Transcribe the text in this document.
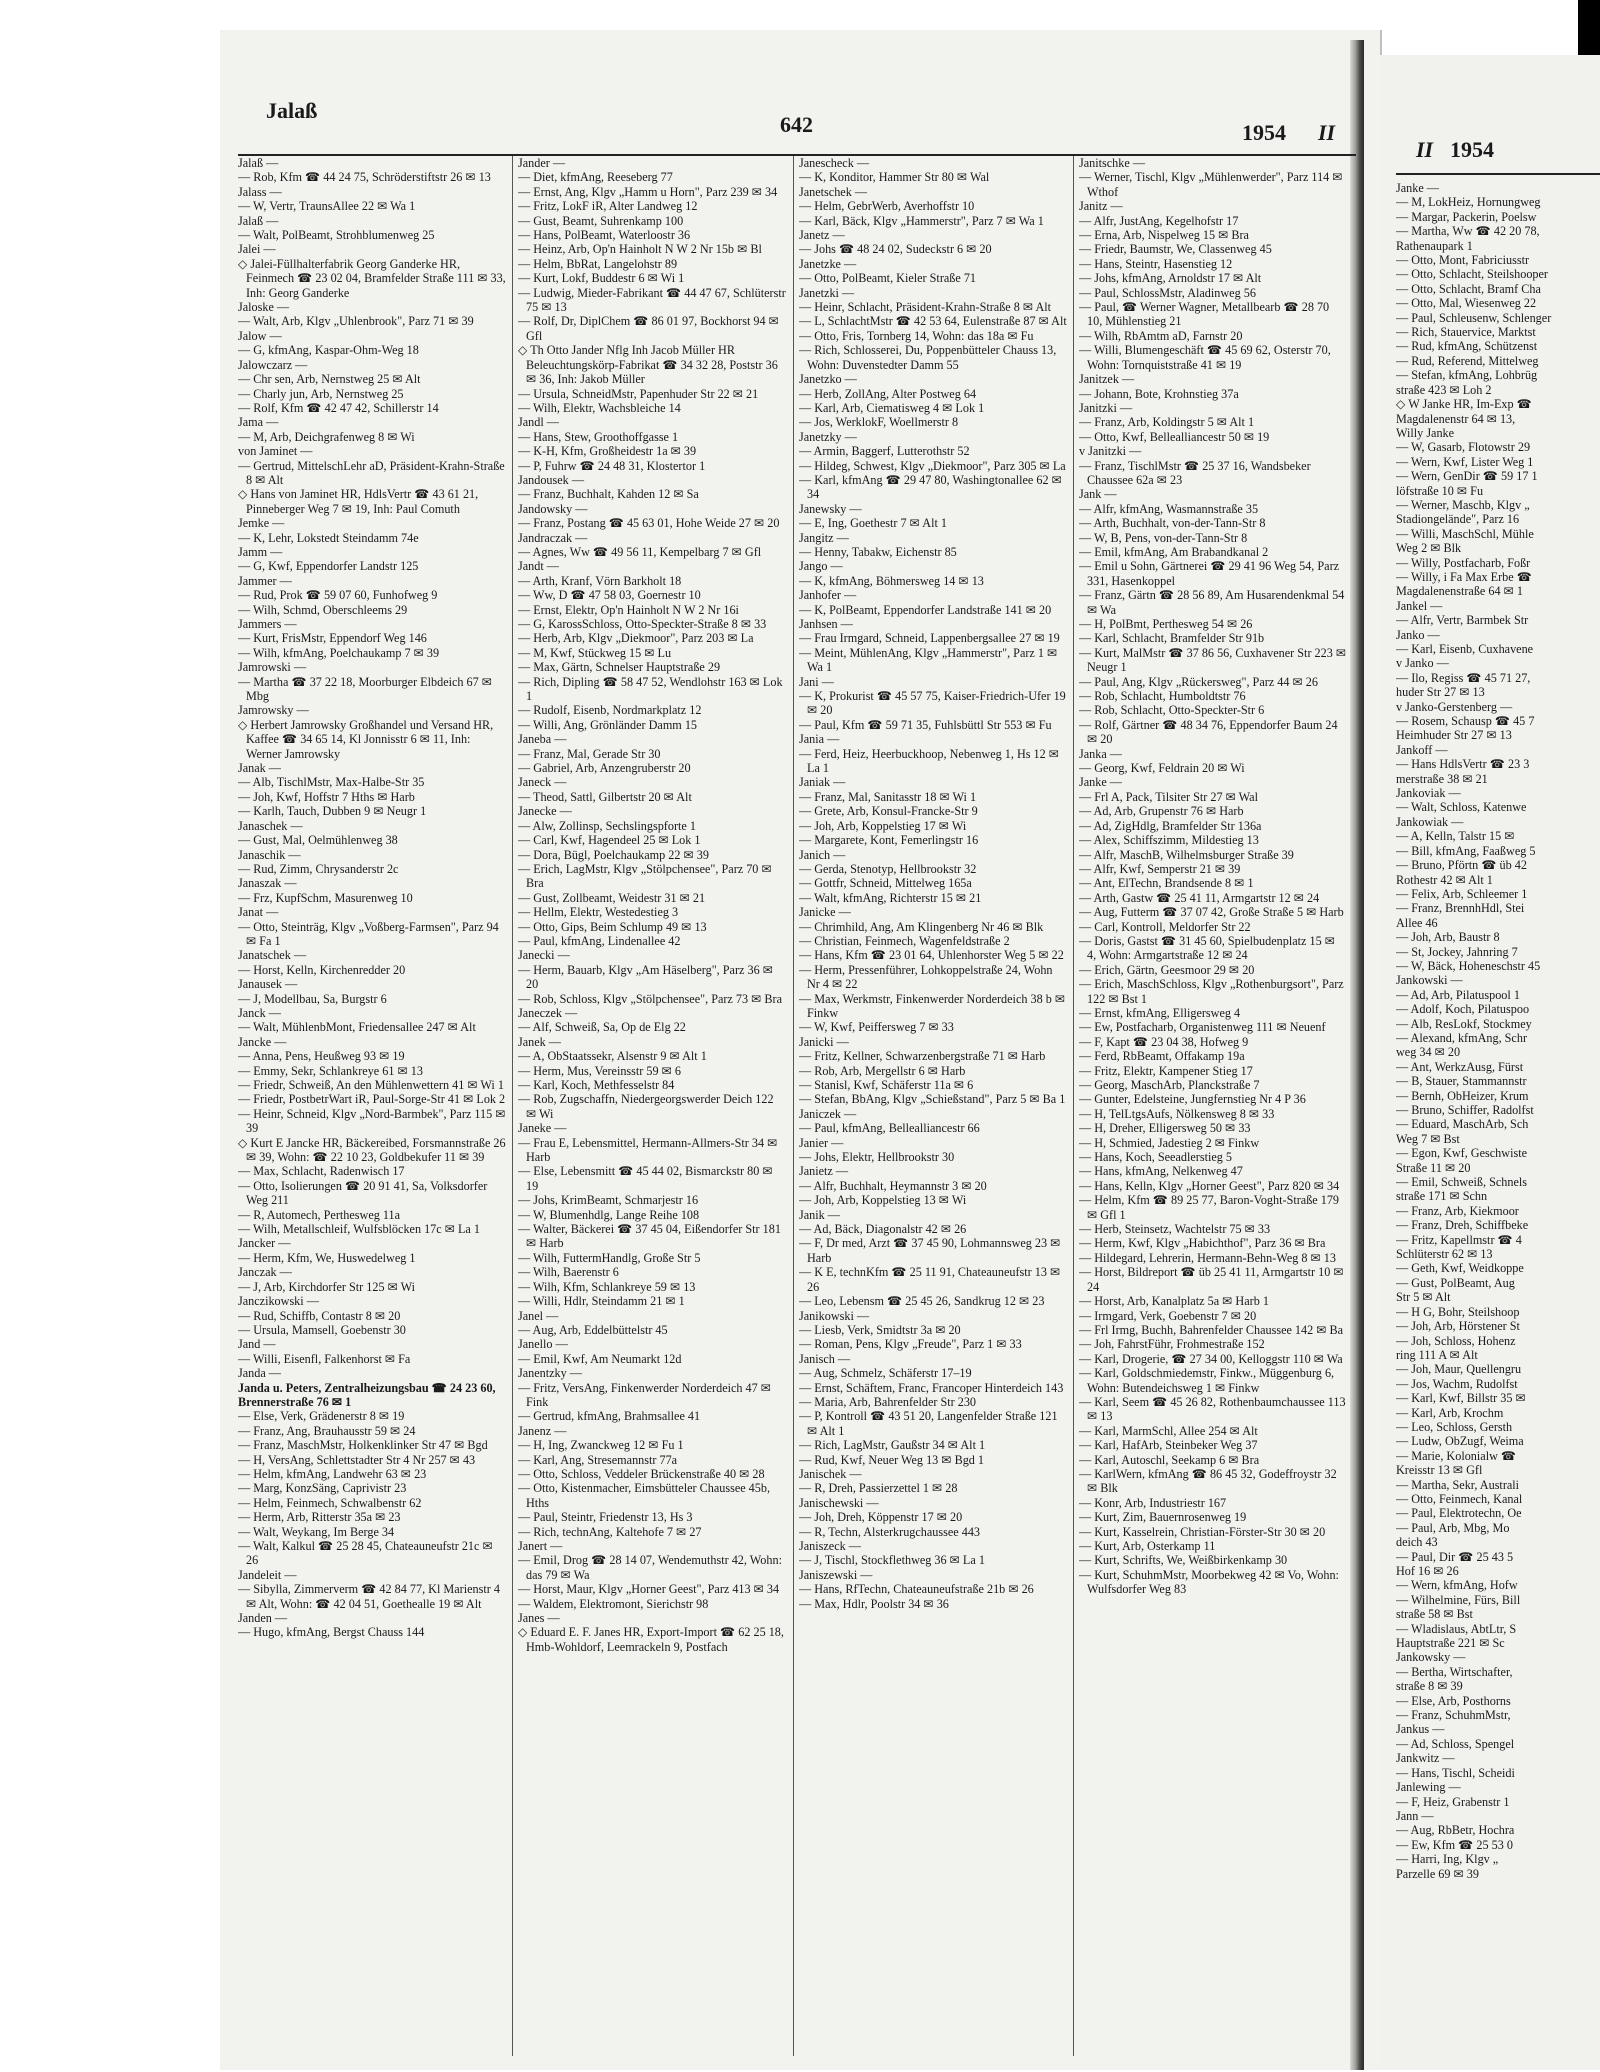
Jalaß
642	1954 II
Jalaß —
— Rob, Kfm ☎ 44 24 75, Schröderstiftstr 26 ✉ 13
Jalass —
— W, Vertr, TraunsAllee 22 ✉ Wa 1
Jalaß —
— Walt, PolBeamt, Strohblumenweg 25
Jalei —
◇ Jalei-Füllhalterfabrik Georg Ganderke HR, Feinmech ☎ 23 02 04, Bramfelder Straße 111 ✉ 33, Inh: Georg Ganderke
Jaloske —
— Walt, Arb, Klgv „Uhlenbrook", Parz 71 ✉ 39
Jalow —
— G, kfmAng, Kaspar-Ohm-Weg 18
Jalowczarz —
— Chr sen, Arb, Nernstweg 25 ✉ Alt
— Charly jun, Arb, Nernstweg 25
— Rolf, Kfm ☎ 42 47 42, Schillerstr 14
Jama —
— M, Arb, Deichgrafenweg 8 ✉ Wi
von Jaminet —
— Gertrud, MittelschLehr aD, Präsident-Krahn-Straße 8 ✉ Alt
◇ Hans von Jaminet HR, HdlsVertr ☎ 43 61 21, Pinneberger Weg 7 ✉ 19, Inh: Paul Comuth
Jemke —
— K, Lehr, Lokstedt Steindamm 74e
Jamm —
— G, Kwf, Eppendorfer Landstr 125
Jammer —
— Rud, Prok ☎ 59 07 60, Funhofweg 9
— Wilh, Schmd, Oberschleems 29
Jammers —
— Kurt, FrisMstr, Eppendorf Weg 146
— Wilh, kfmAng, Poelchaukamp 7 ✉ 39
Jamrowski —
— Martha ☎ 37 22 18, Moorburger Elbdeich 67 ✉ Mbg
Jamrowsky —
◇ Herbert Jamrowsky Großhandel und Versand HR, Kaffee ☎ 34 65 14, Kl Jonnisstr 6 ✉ 11, Inh: Werner Jamrowsky
Janak —
— Alb, TischlMstr, Max-Halbe-Str 35
— Joh, Kwf, Hoffstr 7 Hths ✉ Harb
— Karlh, Tauch, Dubben 9 ✉ Neugr 1
Janaschek —
— Gust, Mal, Oelmühlenweg 38
Janaschik —
— Rud, Zimm, Chrysanderstr 2c
Janaszak —
— Frz, KupfSchm, Masurenweg 10
Janat —
— Otto, Steinträg, Klgv „Voßberg-Farmsen", Parz 94 ✉ Fa 1
Janatschek —
— Horst, Kelln, Kirchenredder 20
Janausek —
— J, Modellbau, Sa, Burgstr 6
Janck —
— Walt, MühlenbMont, Friedensallee 247 ✉ Alt
Jancke —
— Anna, Pens, Heußweg 93 ✉ 19
— Emmy, Sekr, Schlankreye 61 ✉ 13
— Friedr, Schweiß, An den Mühlenwettern 41 ✉ Wi 1
— Friedr, PostbetrWart iR, Paul-Sorge-Str 41 ✉ Lok 2
— Heinr, Schneid, Klgv „Nord-Barmbek", Parz 115 ✉ 39
◇ Kurt E Jancke HR, Bäckereibed, Forsmannstraße 26 ✉ 39, Wohn: ☎ 22 10 23, Goldbekufer 11 ✉ 39
— Max, Schlacht, Radenwisch 17
— Otto, Isolierungen ☎ 20 91 41, Sa, Volksdorfer Weg 211
— R, Automech, Perthesweg 11a
— Wilh, Metallschleif, Wulfsblöcken 17c ✉ La 1
Jancker —
— Herm, Kfm, We, Huswedelweg 1
Janczak —
— J, Arb, Kirchdorfer Str 125 ✉ Wi
Janczikowski —
— Rud, Schiffb, Contastr 8 ✉ 20
— Ursula, Mamsell, Goebenstr 30
Jand —
— Willi, Eisenfl, Falkenhorst ✉ Fa
Janda —
Janda u. Peters, Zentralheizungsbau ☎ 24 23 60, Brennerstraße 76 ✉ 1
— Else, Verk, Grädenerstr 8 ✉ 19
— Franz, Ang, Brauhausstr 59 ✉ 24
— Franz, MaschMstr, Holkenklinker Str 47 ✉ Bgd
— H, VersAng, Schlettstadter Str 4 Nr 257 ✉ 43
— Helm, kfmAng, Landwehr 63 ✉ 23
— Marg, KonzSäng, Caprivistr 23
— Helm, Feinmech, Schwalbenstr 62
— Herm, Arb, Ritterstr 35a ✉ 23
— Walt, Weykang, Im Berge 34
— Walt, Kalkul ☎ 25 28 45, Chateauneufstr 21c ✉ 26
Jandeleit —
— Sibylla, Zimmerverm ☎ 42 84 77, Kl Marienstr 4 ✉ Alt, Wohn: ☎ 42 04 51, Goethealle 19 ✉ Alt
Janden —
— Hugo, kfmAng, Bergst Chauss 144
Jander —
— Diet, kfmAng, Reeseberg 77
— Ernst, Ang, Klgv „Hamm u Horn", Parz 239 ✉ 34
— Fritz, LokF iR, Alter Landweg 12
— Gust, Beamt, Suhrenkamp 100
— Hans, PolBeamt, Waterloostr 36
— Heinz, Arb, Op'n Hainholt N W 2 Nr 15b ✉ Bl
— Helm, BbRat, Langelohstr 89
— Kurt, Lokf, Buddestr 6 ✉ Wi 1
— Ludwig, Mieder-Fabrikant ☎ 44 47 67, Schlüterstr 75 ✉ 13
— Rolf, Dr, DiplChem ☎ 86 01 97, Bockhorst 94 ✉ Gfl
◇ Th Otto Jander Nflg Inh Jacob Müller HR Beleuchtungskörp-Fabrikat ☎ 34 32 28, Poststr 36 ✉ 36, Inh: Jakob Müller
— Ursula, SchneidMstr, Papenhuder Str 22 ✉ 21
— Wilh, Elektr, Wachsbleiche 14
Jandl —
— Hans, Stew, Groothoffgasse 1
— K-H, Kfm, Großheidestr 1a ✉ 39
— P, Fuhrw ☎ 24 48 31, Klostertor 1
Jandousek —
— Franz, Buchhalt, Kahden 12 ✉ Sa
Jandowsky —
— Franz, Postang ☎ 45 63 01, Hohe Weide 27 ✉ 20
Jandraczak —
— Agnes, Ww ☎ 49 56 11, Kempelbarg 7 ✉ Gfl
Jandt —
— Arth, Kranf, Vörn Barkholt 18
— Ww, D ☎ 47 58 03, Goernestr 10
— Ernst, Elektr, Op'n Hainholt N W 2 Nr 16i
— G, KarossSchloss, Otto-Speckter-Straße 8 ✉ 33
— Herb, Arb, Klgv „Diekmoor", Parz 203 ✉ La
— M, Kwf, Stückweg 15 ✉ Lu
— Max, Gärtn, Schnelser Hauptstraße 29
— Rich, Dipling ☎ 58 47 52, Wendlohstr 163 ✉ Lok 1
— Rudolf, Eisenb, Nordmarkplatz 12
— Willi, Ang, Grönländer Damm 15
Janeba —
— Franz, Mal, Gerade Str 30
— Gabriel, Arb, Anzengruberstr 20
Janeck —
— Theod, Sattl, Gilbertstr 20 ✉ Alt
Janecke —
— Alw, Zollinsp, Sechslingspforte 1
— Carl, Kwf, Hagendeel 25 ✉ Lok 1
— Dora, Bügl, Poelchaukamp 22 ✉ 39
— Erich, LagMstr, Klgv „Stölpchensee", Parz 70 ✉ Bra
— Gust, Zollbeamt, Weidestr 31 ✉ 21
— Hellm, Elektr, Westedestieg 3
— Otto, Gips, Beim Schlump 49 ✉ 13
— Paul, kfmAng, Lindenallee 42
Janecki —
— Herm, Bauarb, Klgv „Am Häselberg", Parz 36 ✉ 20
— Rob, Schloss, Klgv „Stölpchensee", Parz 73 ✉ Bra
Janeczek —
— Alf, Schweiß, Sa, Op de Elg 22
Janek —
— A, ObStaatssekr, Alsenstr 9 ✉ Alt 1
— Herm, Mus, Vereinsstr 59 ✉ 6
— Karl, Koch, Methfesselstr 84
— Rob, Zugschaffn, Niedergeorgswerder Deich 122 ✉ Wi
Janeke —
— Frau E, Lebensmittel, Hermann-Allmers-Str 34 ✉ Harb
— Else, Lebensmitt ☎ 45 44 02, Bismarckstr 80 ✉ 19
— Johs, KrimBeamt, Schmarjestr 16
— W, Blumenhdlg, Lange Reihe 108
— Walter, Bäckerei ☎ 37 45 04, Eißendorfer Str 181 ✉ Harb
— Wilh, FuttermHandlg, Große Str 5
— Wilh, Baerenstr 6
— Wilh, Kfm, Schlankreye 59 ✉ 13
— Willi, Hdlr, Steindamm 21 ✉ 1
Janel —
— Aug, Arb, Eddelbüttelstr 45
Janello —
— Emil, Kwf, Am Neumarkt 12d
Janentzky —
— Fritz, VersAng, Finkenwerder Norderdeich 47 ✉ Fink
— Gertrud, kfmAng, Brahmsallee 41
Janenz —
— H, Ing, Zwanckweg 12 ✉ Fu 1
— Karl, Ang, Stresemannstr 77a
— Otto, Schloss, Veddeler Brückenstraße 40 ✉ 28
— Otto, Kistenmacher, Eimsbütteler Chaussee 45b, Hths
— Paul, Steintr, Friedenstr 13, Hs 3
— Rich, technAng, Kaltehofe 7 ✉ 27
Janert —
— Emil, Drog ☎ 28 14 07, Wendemuthstr 42, Wohn: das 79 ✉ Wa
— Horst, Maur, Klgv „Horner Geest", Parz 413 ✉ 34
— Waldem, Elektromont, Sierichstr 98
Janes —
◇ Eduard E. F. Janes HR, Export-Import ☎ 62 25 18, Hmb-Wohldorf, Leemrackeln 9, Postfach
Janescheck —
— K, Konditor, Hammer Str 80 ✉ Wal
Janetschek —
— Helm, GebrWerb, Averhoffstr 10
— Karl, Bäck, Klgv „Hammerstr", Parz 7 ✉ Wa 1
Janetz —
— Johs ☎ 48 24 02, Sudeckstr 6 ✉ 20
Janetzke —
— Otto, PolBeamt, Kieler Straße 71
Janetzki —
— Heinr, Schlacht, Präsident-Krahn-Straße 8 ✉ Alt
— L, SchlachtMstr ☎ 42 53 64, Eulenstraße 87 ✉ Alt
— Otto, Fris, Tornberg 14, Wohn: das 18a ✉ Fu
— Rich, Schlosserei, Du, Poppenbütteler Chauss 13, Wohn: Duvenstedter Damm 55
Janetzko —
— Herb, ZollAng, Alter Postweg 64
— Karl, Arb, Ciematisweg 4 ✉ Lok 1
— Jos, WerklokF, Woellmerstr 8
Janetzky —
— Armin, Baggerf, Lutterothstr 52
— Hildeg, Schwest, Klgv „Diekmoor", Parz 305 ✉ La
— Karl, kfmAng ☎ 29 47 80, Washingtonallee 62 ✉ 34
Janewsky —
— E, Ing, Goethestr 7 ✉ Alt 1
Jangitz —
— Henny, Tabakw, Eichenstr 85
Jango —
— K, kfmAng, Böhmersweg 14 ✉ 13
Janhofer —
— K, PolBeamt, Eppendorfer Landstraße 141 ✉ 20
Janhsen —
— Frau Irmgard, Schneid, Lappenbergsallee 27 ✉ 19
— Meint, MühlenAng, Klgv „Hammerstr", Parz 1 ✉ Wa 1
Jani —
— K, Prokurist ☎ 45 57 75, Kaiser-Friedrich-Ufer 19 ✉ 20
— Paul, Kfm ☎ 59 71 35, Fuhlsbüttl Str 553 ✉ Fu
Jania —
— Ferd, Heiz, Heerbuckhoop, Nebenweg 1, Hs 12 ✉ La 1
Janiak —
— Franz, Mal, Sanitasstr 18 ✉ Wi 1
— Grete, Arb, Konsul-Francke-Str 9
— Joh, Arb, Koppelstieg 17 ✉ Wi
— Margarete, Kont, Femerlingstr 16
Janich —
— Gerda, Stenotyp, Hellbrookstr 32
— Gottfr, Schneid, Mittelweg 165a
— Walt, kfmAng, Richterstr 15 ✉ 21
Janicke —
— Chrimhild, Ang, Am Klingenberg Nr 46 ✉ Blk
— Christian, Feinmech, Wagenfeldstraße 2
— Hans, Kfm ☎ 23 01 64, Uhlenhorster Weg 5 ✉ 22
— Herm, Pressenführer, Lohkoppelstraße 24, Wohn Nr 4 ✉ 22
— Max, Werkmstr, Finkenwerder Norderdeich 38 b ✉ Finkw
— W, Kwf, Peiffersweg 7 ✉ 33
Janicki —
— Fritz, Kellner, Schwarzenbergstraße 71 ✉ Harb
— Rob, Arb, Mergellstr 6 ✉ Harb
— Stanisl, Kwf, Schäferstr 11a ✉ 6
— Stefan, BbAng, Klgv „Schießstand", Parz 5 ✉ Ba 1
Janiczek —
— Paul, kfmAng, Belleallianсestr 66
Janier —
— Johs, Elektr, Hellbrookstr 30
Janietz —
— Alfr, Buchhalt, Heymannstr 3 ✉ 20
— Joh, Arb, Koppelstieg 13 ✉ Wi
Janik —
— Ad, Bäck, Diagonalstr 42 ✉ 26
— F, Dr med, Arzt ☎ 37 45 90, Lohmannsweg 23 ✉ Harb
— K E, technKfm ☎ 25 11 91, Chateauneufstr 13 ✉ 26
— Leo, Lebensm ☎ 25 45 26, Sandkrug 12 ✉ 23
Janikowski —
— Liesb, Verk, Smidtstr 3a ✉ 20
— Roman, Pens, Klgv „Freude", Parz 1 ✉ 33
Janisch —
— Aug, Schmelz, Schäferstr 17–19
— Ernst, Schäftem, Franc, Francoper Hinterdeich 143
— Maria, Arb, Bahrenfelder Str 230
— P, Kontroll ☎ 43 51 20, Langenfelder Straße 121 ✉ Alt 1
— Rich, LagMstr, Gaußstr 34 ✉ Alt 1
— Rud, Kwf, Neuer Weg 13 ✉ Bgd 1
Janischek —
— R, Dreh, Passierzettel 1 ✉ 28
Janischewski —
— Joh, Dreh, Köppenstr 17 ✉ 20
— R, Techn, Alsterkrugchaussee 443
Janiszeck —
— J, Tischl, Stockflethweg 36 ✉ La 1
Janiszewski —
— Hans, RfTechn, Chateauneufstraße 21b ✉ 26
— Max, Hdlr, Poolstr 34 ✉ 36
Janitschke —
— Werner, Tischl, Klgv „Mühlenwerder", Parz 114 ✉ Wthof
Janitz —
— Alfr, JustAng, Kegelhofstr 17
— Erna, Arb, Nispelweg 15 ✉ Bra
— Friedr, Baumstr, We, Classenweg 45
— Hans, Steintr, Hasenstieg 12
— Johs, kfmAng, Arnoldstr 17 ✉ Alt
— Paul, SchlossMstr, Aladinweg 56
— Paul, ☎ Werner Wagner, Metallbearb ☎ 28 70 10, Mühlenstieg 21
— Wilh, RbAmtm aD, Farnstr 20
— Willi, Blumengeschäft ☎ 45 69 62, Osterstr 70, Wohn: Tornquiststraße 41 ✉ 19
Janitzek —
— Johann, Bote, Krohnstieg 37a
Janitzki —
— Franz, Arb, Koldingstr 5 ✉ Alt 1
— Otto, Kwf, Belleallianсestr 50 ✉ 19
v Janitzki —
— Franz, TischlMstr ☎ 25 37 16, Wandsbeker Chaussee 62a ✉ 23
Jank —
— Alfr, kfmAng, Wasmannstraße 35
— Arth, Buchhalt, von-der-Tann-Str 8
— W, B, Pens, von-der-Tann-Str 8
— Emil, kfmAng, Am Brabandkanal 2
— Emil u Sohn, Gärtnerei ☎ 29 41 96 Weg 54, Parz 331, Hasenkoppel
— Franz, Gärtn ☎ 28 56 89, Am Husarendenkmal 54 ✉ Wa
— H, PolBmt, Perthesweg 54 ✉ 26
— Karl, Schlacht, Bramfelder Str 91b
— Kurt, MalMstr ☎ 37 86 56, Cuxhavener Str 223 ✉ Neugr 1
— Paul, Ang, Klgv „Rückersweg", Parz 44 ✉ 26
— Rob, Schlacht, Humboldtstr 76
— Rob, Schlacht, Otto-Speckter-Str 6
— Rolf, Gärtner ☎ 48 34 76, Eppendorfer Baum 24 ✉ 20
Janka —
— Georg, Kwf, Feldrain 20 ✉ Wi
Janke —
— Frl A, Pack, Tilsiter Str 27 ✉ Wal
— Ad, Arb, Grupenstr 76 ✉ Harb
— Ad, ZigHdlg, Bramfelder Str 136a
— Alex, Schiffszimm, Mildestieg 13
— Alfr, MaschB, Wilhelmsburger Straße 39
— Alfr, Kwf, Semperstr 21 ✉ 39
— Ant, ElTechn, Brandsende 8 ✉ 1
— Arth, Gastw ☎ 25 41 11, Armgartstr 12 ✉ 24
— Aug, Futterm ☎ 37 07 42, Große Straße 5 ✉ Harb
— Carl, Kontroll, Meldorfer Str 22
— Doris, Gastst ☎ 31 45 60, Spielbudenplatz 15 ✉ 4, Wohn: Armgartstraße 12 ✉ 24
— Erich, Gärtn, Geesmoor 29 ✉ 20
— Erich, MaschSchloss, Klgv „Rothenburgsort", Parz 122 ✉ Bst 1
— Ernst, kfmAng, Elligersweg 4
— Ew, Postfacharb, Organistenweg 111 ✉ Neuenf
— F, Kapt ☎ 23 04 38, Hofweg 9
— Ferd, RbBeamt, Offakamp 19a
— Fritz, Elektr, Kampener Stieg 17
— Georg, MaschArb, Planckstraße 7
— Gunter, Edelsteine, Jungfernstieg Nr 4 P 36
— H, TelLtgsAufs, Nölkensweg 8 ✉ 33
— H, Dreher, Elligersweg 50 ✉ 33
— H, Schmied, Jadestieg 2 ✉ Finkw
— Hans, Koch, Seeadlerstieg 5
— Hans, kfmAng, Nelkenweg 47
— Hans, Kelln, Klgv „Horner Geest", Parz 820 ✉ 34
— Helm, Kfm ☎ 89 25 77, Baron-Voght-Straße 179 ✉ Gfl 1
— Herb, Steinsetz, Wachtelstr 75 ✉ 33
— Herm, Kwf, Klgv „Habichthof", Parz 36 ✉ Bra
— Hildegard, Lehrerin, Hermann-Behn-Weg 8 ✉ 13
— Horst, Bildreport ☎ üb 25 41 11, Armgartstr 10 ✉ 24
— Horst, Arb, Kanalplatz 5a ✉ Harb 1
— Irmgard, Verk, Goebenstr 7 ✉ 20
— Frl Irmg, Buchh, Bahrenfelder Chaussee 142 ✉ Ba
— Joh, FahrstFühr, Frohmestraße 152
— Karl, Drogerie, ☎ 27 34 00, Kelloggstr 110 ✉ Wa
— Karl, Goldschmiedemstr, Finkw., Müggenburg 6, Wohn: Butendeichsweg 1 ✉ Finkw
— Karl, Seem ☎ 45 26 82, Rothenbaumchaussee 113 ✉ 13
— Karl, MarmSchl, Allee 254 ✉ Alt
— Karl, HafArb, Steinbeker Weg 37
— Karl, Autoschl, Seekamp 6 ✉ Bra
— KarlWern, kfmAng ☎ 86 45 32, Godeffroystr 32 ✉ Blk
— Konr, Arb, Industriestr 167
— Kurt, Zim, Bauernrosenweg 19
— Kurt, Kasselrein, Christian-Förster-Str 30 ✉ 20
— Kurt, Arb, Osterkamp 11
— Kurt, Schrifts, We, Weißbirkenkamp 30
— Kurt, SchuhmMstr, Moorbekweg 42 ✉ Vo, Wohn: Wulfsdorfer Weg 83
II 1954
Janke —
— M, LokHeiz, Hornungweg
— Margar, Packerin, Poelsw
— Martha, Ww ☎ 42 20 78,
Rathenaupark 1
— Otto, Mont, Fabriciusstr
— Otto, Schlacht, Steilshooper
— Otto, Schlacht, Bramf Cha
— Otto, Mal, Wiesenweg 22
— Paul, Schleusenw, Schlenger
— Rich, Stauervice, Marktst
— Rud, kfmAng, Schützenst
— Rud, Referend, Mittelweg
— Stefan, kfmAng, Lohbrüg
straße 423 ✉ Loh 2
◇ W Janke HR, Im-Exp ☎
Magdalenenstr 64 ✉ 13,
Willy Janke
— W, Gasarb, Flotowstr 29
— Wern, Kwf, Lister Weg 1
— Wern, GenDir ☎ 59 17 1
löfstraße 10 ✉ Fu
— Werner, Maschb, Klgv „
Stadiongelände", Parz 16
— Willi, MaschSchl, Mühle
Weg 2 ✉ Blk
— Willy, Postfacharb, Foßr
— Willy, i Fa Max Erbe ☎
Magdalenenstraße 64 ✉ 1
Jankel —
— Alfr, Vertr, Barmbek Str
Janko —
— Karl, Eisenb, Cuxhavene
v Janko —
— Ilo, Regiss ☎ 45 71 27,
huder Str 27 ✉ 13
v Janko-Gerstenberg —
— Rosem, Schausp ☎ 45 7
Heimhuder Str 27 ✉ 13
Jankoff —
— Hans HdlsVertr ☎ 23 3
merstraße 38 ✉ 21
Jankoviak —
— Walt, Schloss, Katenwe
Jankowiak —
— A, Kelln, Talstr 15 ✉
— Bill, kfmAng, Faaßweg 5
— Bruno, Pförtn ☎ üb 42
Rothestr 42 ✉ Alt 1
— Felix, Arb, Schleemer 1
— Franz, BrennhHdl, Stei
Allee 46
— Joh, Arb, Baustr 8
— St, Jockey, Jahnring 7
— W, Bäck, Hoheneschstr 45
Jankowski —
— Ad, Arb, Pilatuspool 1
— Adolf, Koch, Pilatuspoo
— Alb, ResLokf, Stockmey
— Alexand, kfmAng, Schr
weg 34 ✉ 20
— Ant, WerkzAusg, Fürst
— B, Stauer, Stammannstr
— Bernh, ObHeizer, Krum
— Bruno, Schiffer, Radolfst
— Eduard, MaschArb, Sch
Weg 7 ✉ Bst
— Egon, Kwf, Geschwiste
Straße 11 ✉ 20
— Emil, Schweiß, Schnels
straße 171 ✉ Schn
— Franz, Arb, Kiekmoor
— Franz, Dreh, Schiffbeke
— Fritz, Kapellmstr ☎ 4
Schlüterstr 62 ✉ 13
— Geth, Kwf, Weidkoppe
— Gust, PolBeamt, Aug
Str 5 ✉ Alt
— H G, Bohr, Steilshoop
— Joh, Arb, Hörstener St
— Joh, Schloss, Hohenz
ring 111 A ✉ Alt
— Joh, Maur, Quellengru
— Jos, Wachm, Rudolfst
— Karl, Kwf, Billstr 35 ✉
— Karl, Arb, Krochm
— Leo, Schloss, Gersth
— Ludw, ObZugf, Weima
— Marie, Kolonialw ☎
Kreisstr 13 ✉ Gfl
— Martha, Sekr, Australi
— Otto, Feinmech, Kanal
— Paul, Elektrotechn, Oe
— Paul, Arb, Mbg, Mo
deich 43
— Paul, Dir ☎ 25 43 5
Hof 16 ✉ 26
— Wern, kfmAng, Hofw
— Wilhelmine, Fürs, Bill
straße 58 ✉ Bst
— Wladislaus, AbtLtr, S
Hauptstraße 221 ✉ Sc
Jankowsky —
— Bertha, Wirtschafter,
straße 8 ✉ 39
— Else, Arb, Posthorns
— Franz, SchuhmMstr,
Jankus —
— Ad, Schloss, Spengel
Jankwitz —
— Hans, Tischl, Scheidi
Janlewing —
— F, Heiz, Grabenstr 1
Jann —
— Aug, RbBetr, Hochra
— Ew, Kfm ☎ 25 53 0
— Harri, Ing, Klgv „
Parzelle 69 ✉ 39
